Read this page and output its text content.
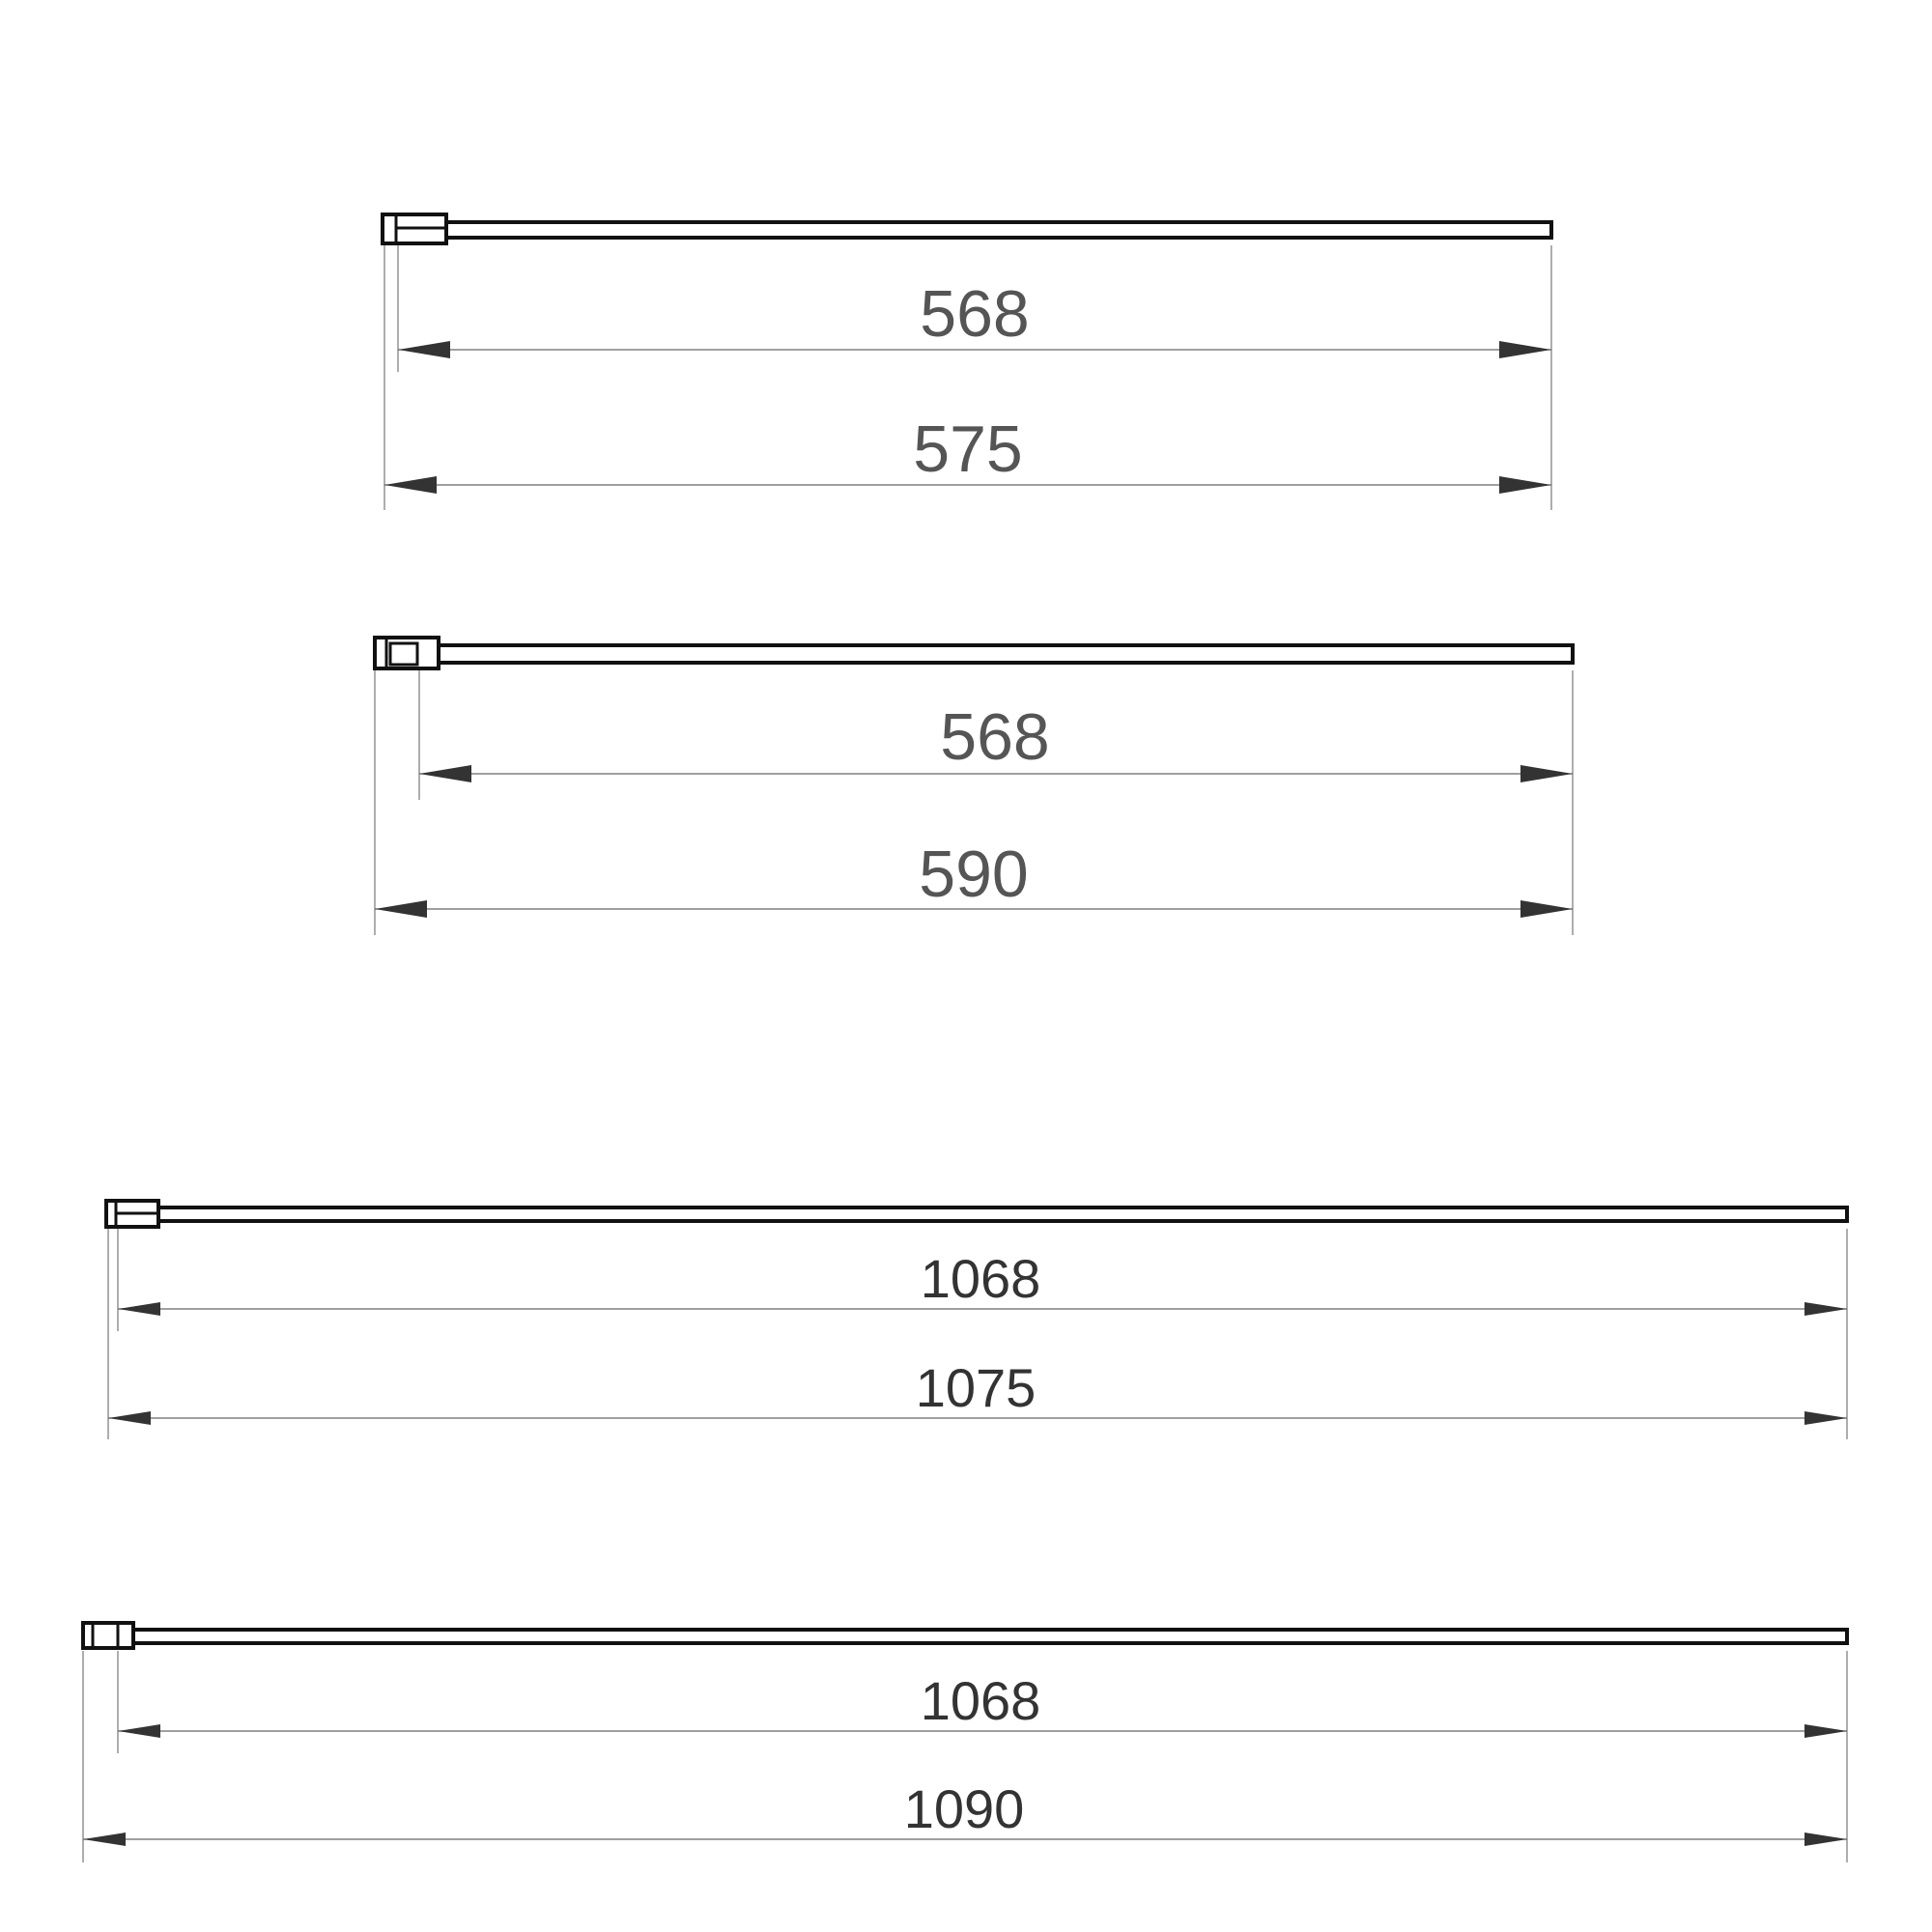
568
575
568
590
1068
1075
1068
1090
